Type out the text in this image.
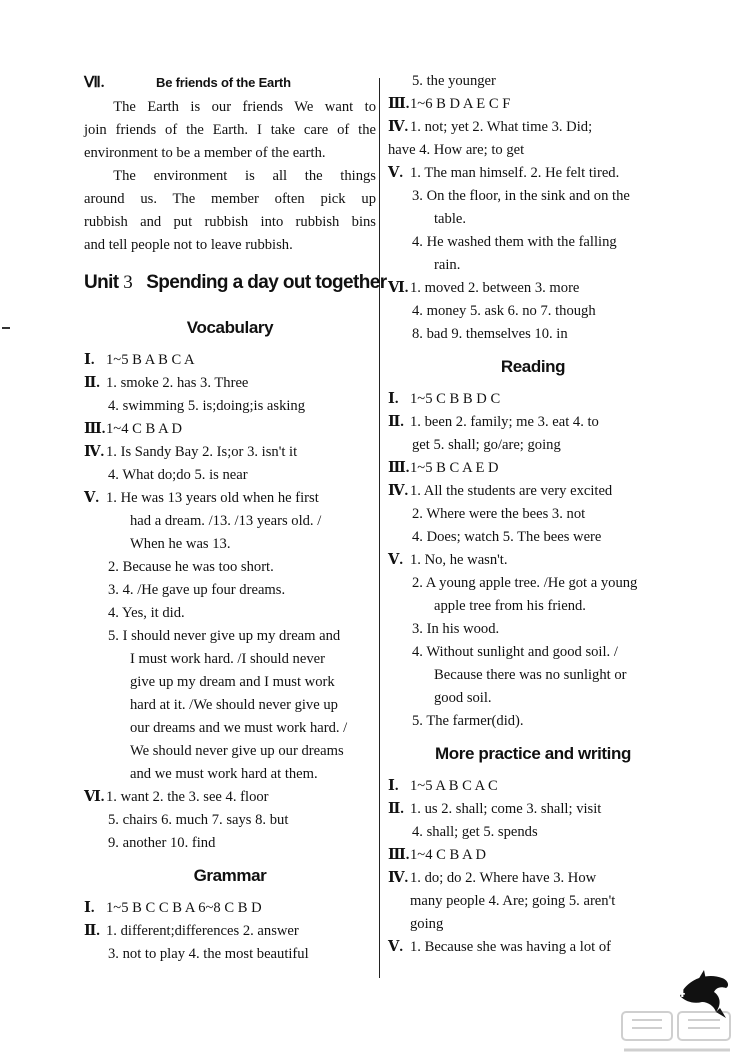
Ⅶ.	Be friends of the Earth
The Earth is our friends We want to
join friends of the Earth. I take care of the
environment to be a member of the earth.
The environment is all the things
around us. The member often pick up
rubbish and put rubbish into rubbish bins
and tell people not to leave rubbish.
Unit 3 Spending a day out together
Vocabulary
Ⅰ. 1~5 B A B C A
Ⅱ. 1. smoke 2. has 3. Three
4. swimming 5. is;doing;is asking
Ⅲ.1~4 C B A D
Ⅳ. 1. Is Sandy Bay 2. Is;or 3. isn't it
4. What do;do 5. is near
Ⅴ. 1. He was 13 years old when he first
had a dream. /13. /13 years old. /
When he was 13.
2. Because he was too short.
3. 4. /He gave up four dreams.
4. Yes, it did.
5. I should never give up my dream and
I must work hard. /I should never
give up my dream and I must work
hard at it. /We should never give up
our dreams and we must work hard. /
We should never give up our dreams
and we must work hard at them.
Ⅵ. 1. want 2. the 3. see 4. floor
5. chairs 6. much 7. says 8. but
9. another 10. find
Grammar
Ⅰ. 1~5 B C C B A 6~8 C B D
Ⅱ. 1. different;differences 2. answer
3. not to play 4. the most beautiful
5. the younger
Ⅲ.1~6 B D A E C F
Ⅳ. 1. not; yet 2. What time 3. Did;
have 4. How are; to get
Ⅴ. 1. The man himself. 2. He felt tired.
3. On the floor, in the sink and on the
table.
4. He washed them with the falling
rain.
Ⅵ. 1. moved 2. between 3. more
4. money 5. ask 6. no 7. though
8. bad 9. themselves 10. in
Reading
Ⅰ. 1~5 C B B D C
Ⅱ. 1. been 2. family; me 3. eat 4. to
get 5. shall; go/are; going
Ⅲ.1~5 B C A E D
Ⅳ. 1. All the students are very excited
2. Where were the bees 3. not
4. Does; watch 5. The bees were
Ⅴ. 1. No, he wasn't.
2. A young apple tree. /He got a young
apple tree from his friend.
3. In his wood.
4. Without sunlight and good soil. /
Because there was no sunlight or
good soil.
5. The farmer(did).
More practice and writing
Ⅰ. 1~5 A B C A C
Ⅱ. 1. us 2. shall; come 3. shall; visit
4. shall; get 5. spends
Ⅲ.1~4 C B A D
Ⅳ. 1. do; do 2. Where have 3. How
many people 4. Are; going 5. aren't
going
Ⅴ. 1. Because she was having a lot of
4
